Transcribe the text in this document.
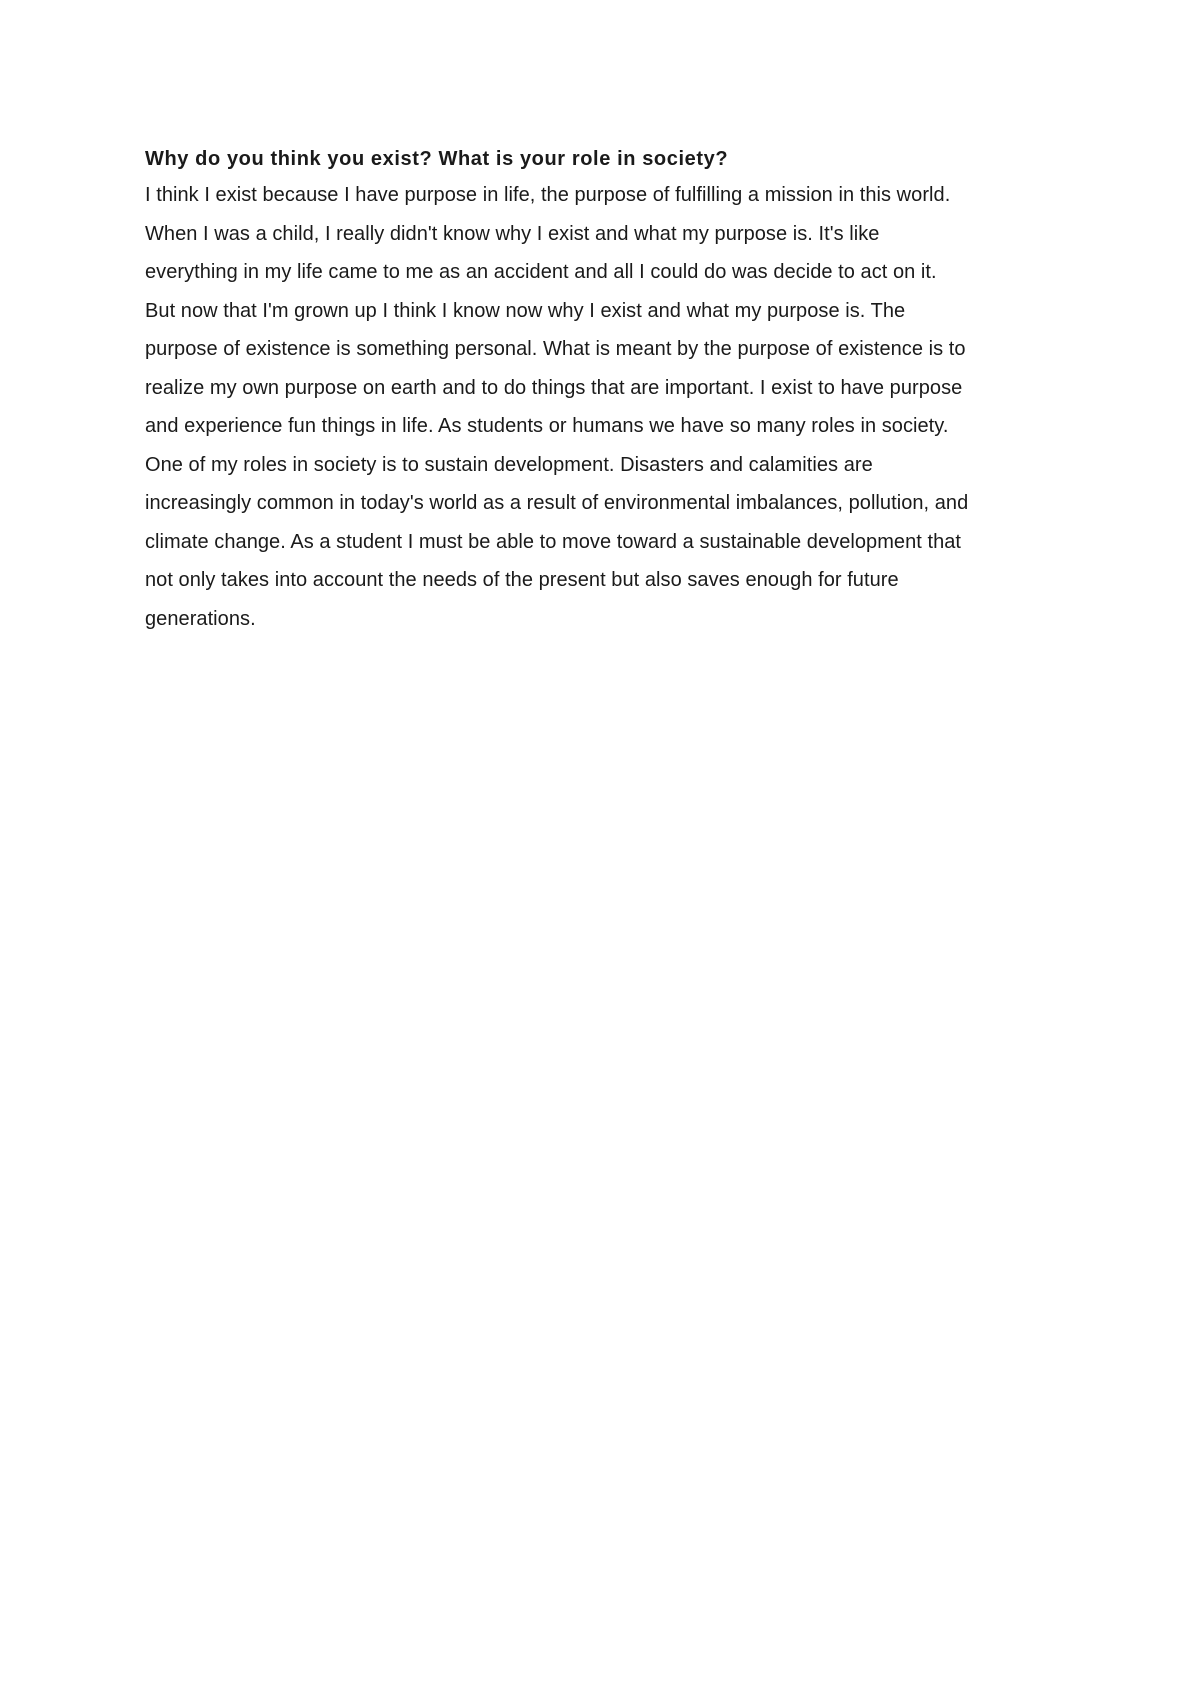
Why do you think you exist? What is your role in society?

I think I exist because I have purpose in life, the purpose of fulfilling a mission in this world.
When I was a child, I really didn't know why I exist and what my purpose is. It's like
everything in my life came to me as an accident and all I could do was decide to act on it.
But now that I'm grown up I think I know now why I exist and what my purpose is. The
purpose of existence is something personal. What is meant by the purpose of existence is to
realize my own purpose on earth and to do things that are important. I exist to have purpose
and experience fun things in life. As students or humans we have so many roles in society.
One of my roles in society is to sustain development. Disasters and calamities are
increasingly common in today's world as a result of environmental imbalances, pollution, and
climate change. As a student I must be able to move toward a sustainable development that
not only takes into account the needs of the present but also saves enough for future
generations.
